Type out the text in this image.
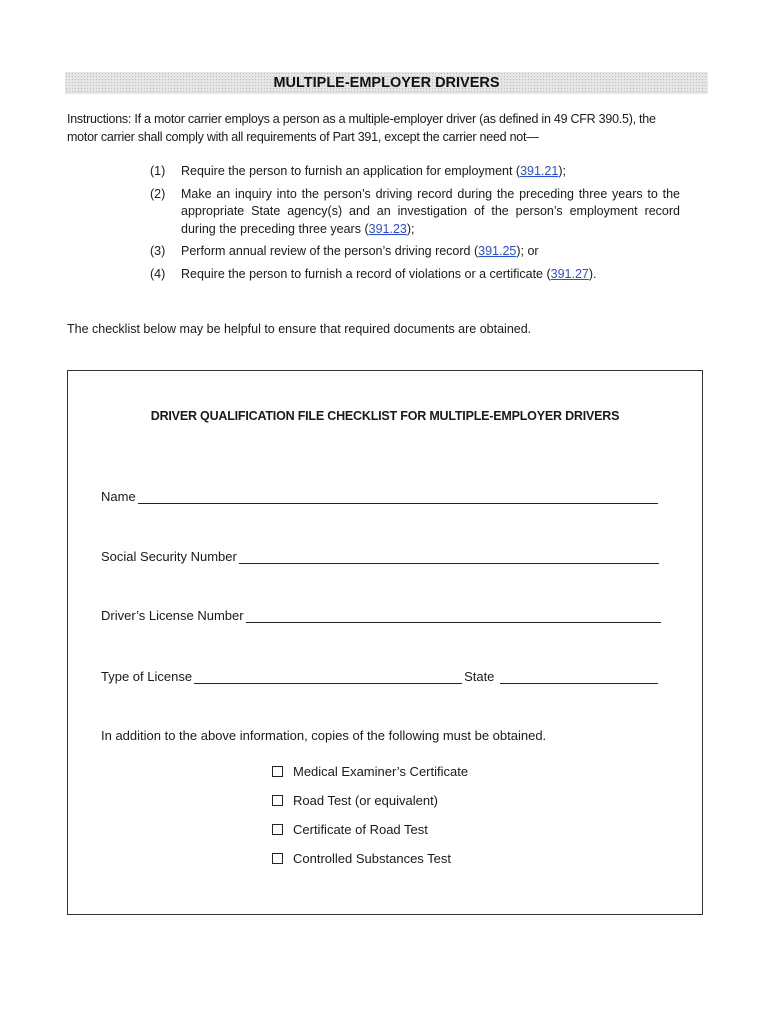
MULTIPLE-EMPLOYER DRIVERS
Instructions: If a motor carrier employs a person as a multiple-employer driver (as defined in 49 CFR 390.5), the
motor carrier shall comply with all requirements of Part 391, except the carrier need not—
(1)	Require the person to furnish an application for employment (391.21);
(2)	Make an inquiry into the person’s driving record during the preceding three years to the appropriate State agency(s) and an investigation of the person’s employment record during the preceding three years (391.23);
(3)	Perform annual review of the person’s driving record (391.25); or
(4)	Require the person to furnish a record of violations or a certificate (391.27).
The checklist below may be helpful to ensure that required documents are obtained.
DRIVER QUALIFICATION FILE CHECKLIST FOR MULTIPLE-EMPLOYER DRIVERS
Name
Social Security Number
Driver’s License Number
Type of License	State
In addition to the above information, copies of the following must be obtained.
Medical Examiner’s Certificate
Road Test (or equivalent)
Certificate of Road Test
Controlled Substances Test
